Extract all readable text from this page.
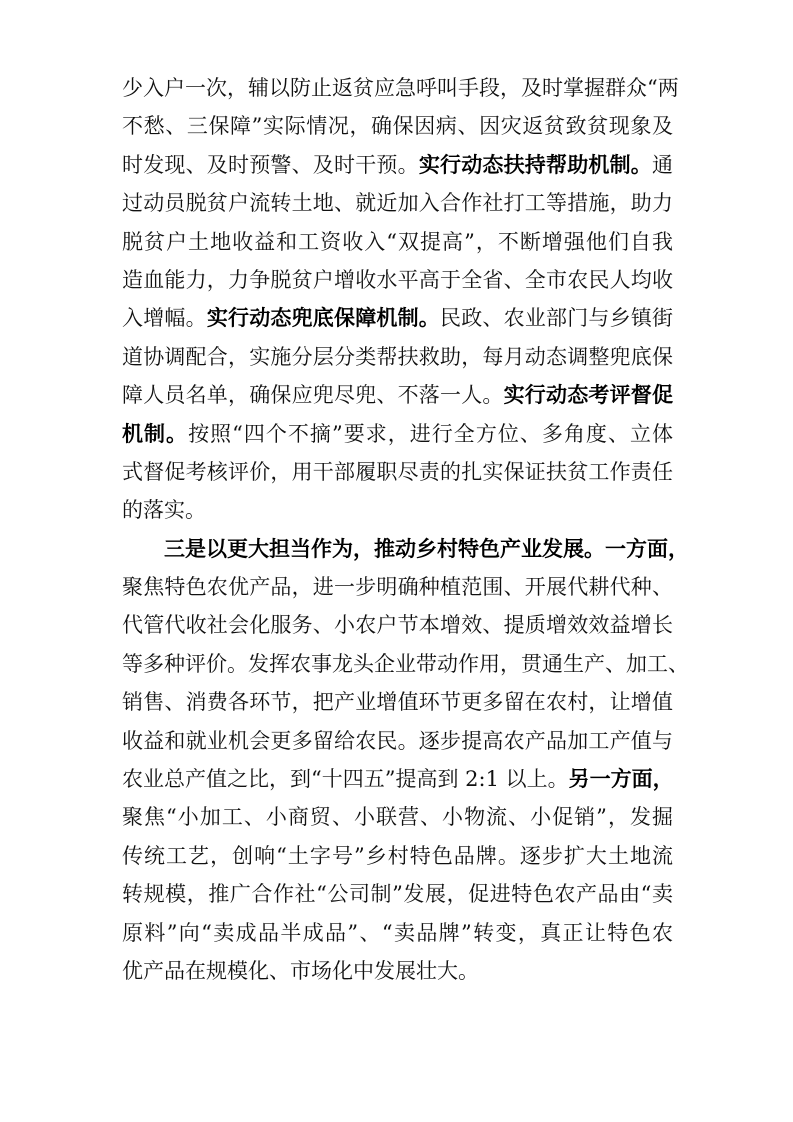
少入户一次，辅以防止返贫应急呼叫手段，及时掌握群众“两
不愁、三保障”实际情况，确保因病、因灾返贫致贫现象及
时发现、及时预警、及时干预。实行动态扶持帮助机制。通
过动员脱贫户流转土地、就近加入合作社打工等措施，助力
脱贫户土地收益和工资收入“双提高”，不断增强他们自我
造血能力，力争脱贫户增收水平高于全省、全市农民人均收
入增幅。实行动态兜底保障机制。民政、农业部门与乡镇街
道协调配合，实施分层分类帮扶救助，每月动态调整兜底保
障人员名单，确保应兜尽兜、不落一人。实行动态考评督促
机制。按照“四个不摘”要求，进行全方位、多角度、立体
式督促考核评价，用干部履职尽责的扎实保证扶贫工作责任
的落实。
三是以更大担当作为，推动乡村特色产业发展。一方面，
聚焦特色农优产品，进一步明确种植范围、开展代耕代种、
代管代收社会化服务、小农户节本增效、提质增效效益增长
等多种评价。发挥农事龙头企业带动作用，贯通生产、加工、
销售、消费各环节，把产业增值环节更多留在农村，让增值
收益和就业机会更多留给农民。逐步提高农产品加工产值与
农业总产值之比，到“十四五”提高到 2:1 以上。另一方面，
聚焦“小加工、小商贸、小联营、小物流、小促销”，发掘
传统工艺，创响“土字号”乡村特色品牌。逐步扩大土地流
转规模，推广合作社“公司制”发展，促进特色农产品由“卖
原料”向“卖成品半成品”、“卖品牌”转变，真正让特色农
优产品在规模化、市场化中发展壮大。
